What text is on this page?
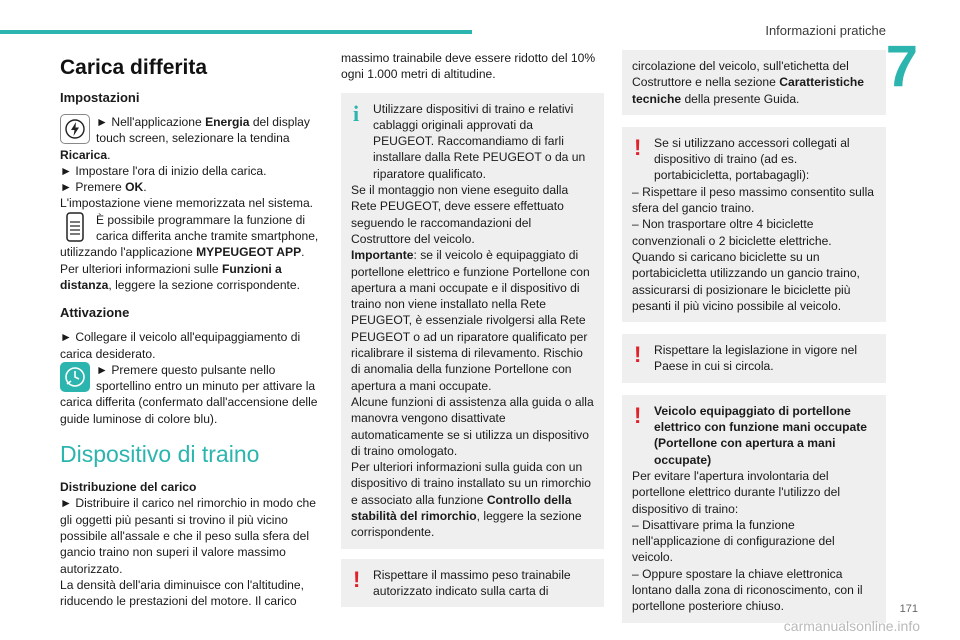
Informazioni pratiche
7
Carica differita
Impostazioni

► Nell'applicazione Energia del display touch screen, selezionare la tendina Ricarica.

► Impostare l'ora di inizio della carica.

► Premere OK.

L'impostazione viene memorizzata nel sistema.

È possibile programmare la funzione di carica differita anche tramite smartphone, utilizzando l'applicazione MYPEUGEOT APP.

Per ulteriori informazioni sulle Funzioni a distanza, leggere la sezione corrispondente.

Attivazione

► Collegare il veicolo all'equipaggiamento di carica desiderato.

► Premere questo pulsante nello sportellino entro un minuto per attivare la carica differita (confermato dall'accensione delle guide luminose di colore blu).

Dispositivo di traino

Distribuzione del carico

► Distribuire il carico nel rimorchio in modo che gli oggetti più pesanti si trovino il più vicino possibile all'assale e che il peso sulla sfera del gancio traino non superi il valore massimo autorizzato.

La densità dell'aria diminuisce con l'altitudine, riducendo le prestazioni del motore. Il carico

massimo trainabile deve essere ridotto del 10% ogni 1.000 metri di altitudine.

i Utilizzare dispositivi di traino e relativi cablaggi originali approvati da PEUGEOT. Raccomandiamo di farli installare dalla Rete PEUGEOT o da un riparatore qualificato.

Se il montaggio non viene eseguito dalla Rete PEUGEOT, deve essere effettuato seguendo le raccomandazioni del Costruttore del veicolo.

Importante: se il veicolo è equipaggiato di portellone elettrico e funzione Portellone con apertura a mani occupate e il dispositivo di traino non viene installato nella Rete PEUGEOT, è essenziale rivolgersi alla Rete PEUGEOT o ad un riparatore qualificato per ricalibrare il sistema di rilevamento. Rischio di anomalia della funzione Portellone con apertura a mani occupate.

Alcune funzioni di assistenza alla guida o alla manovra vengono disattivate automaticamente se si utilizza un dispositivo di traino omologato.

Per ulteriori informazioni sulla guida con un dispositivo di traino installato su un rimorchio e associato alla funzione Controllo della stabilità del rimorchio, leggere la sezione corrispondente.

! Rispettare il massimo peso trainabile autorizzato indicato sulla carta di

circolazione del veicolo, sull'etichetta del Costruttore e nella sezione Caratteristiche tecniche della presente Guida.

! Se si utilizzano accessori collegati al dispositivo di traino (ad es. portabicicletta, portabagagli):

– Rispettare il peso massimo consentito sulla sfera del gancio traino.

– Non trasportare oltre 4 biciclette convenzionali o 2 biciclette elettriche.

Quando si caricano biciclette su un portabicicletta utilizzando un gancio traino, assicurarsi di posizionare le biciclette più pesanti il più vicino possibile al veicolo.

! Rispettare la legislazione in vigore nel Paese in cui si circola.

!	Veicolo equipaggiato di portellone elettrico con funzione mani occupate (Portellone con apertura a mani occupate)

Per evitare l'apertura involontaria del portellone elettrico durante l'utilizzo del dispositivo di traino:

– Disattivare prima la funzione nell'applicazione di configurazione del veicolo.

– Oppure spostare la chiave elettronica lontano dalla zona di riconoscimento, con il portellone posteriore chiuso.

carmanualsonline.info
171
